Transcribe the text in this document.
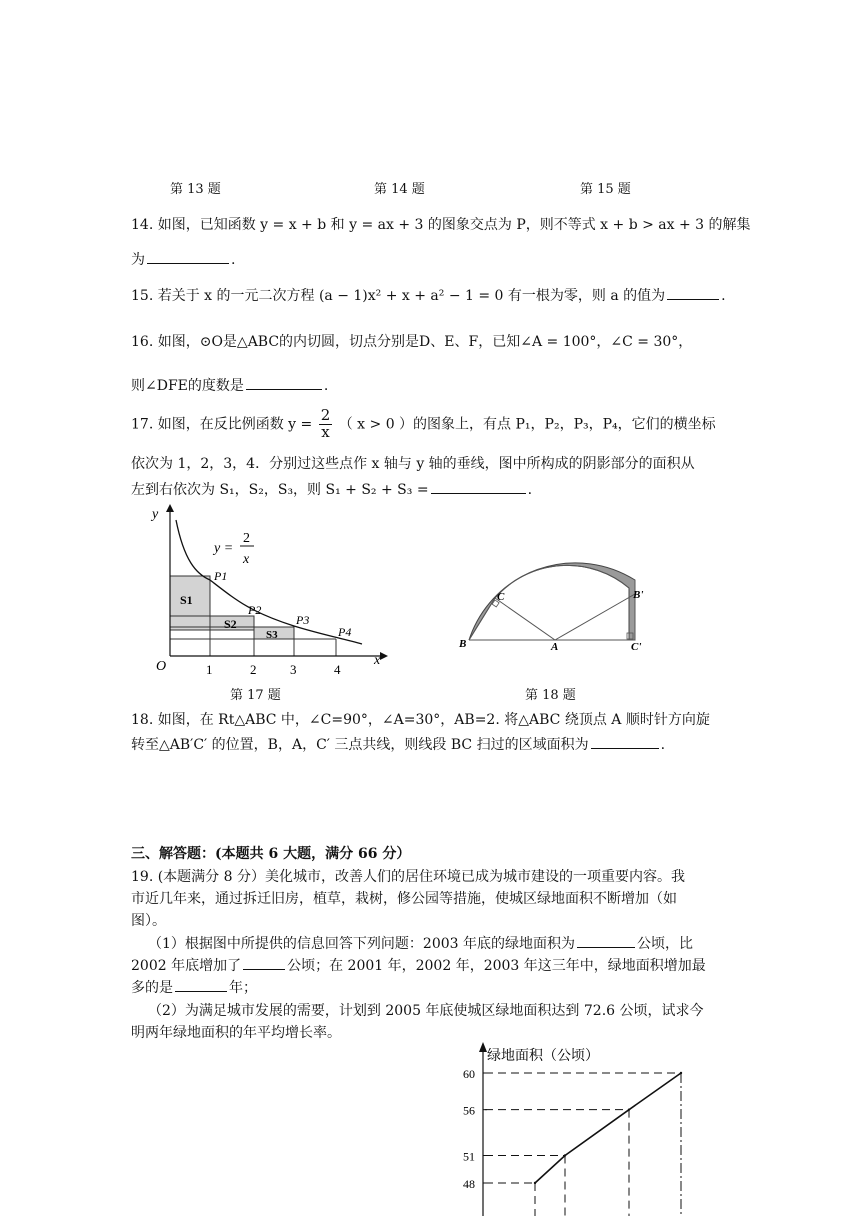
第 13 题	第 14 题	第 15 题
14. 如图，已知函数 y = x + b 和 y = ax + 3 的图象交点为 P，则不等式 x + b > ax + 3 的解集
为	.
15. 若关于 x 的一元二次方程 (a − 1)x² + x + a² − 1 = 0 有一根为零，则 a 的值为	.
16. 如图，⊙O是△ABC的内切圆，切点分别是D、E、F，已知∠A = 100°，∠C = 30°，
则∠DFE的度数是	.
17. 如图，在反比例函数 $y = \frac{2}{x}$ （ x > 0 ）的图象上，有点 P₁，P₂，P₃，P₄，它们的横坐标
依次为 1，2，3，4．分别过这些点作 x 轴与 y 轴的垂线，图中所构成的阴影部分的面积从
左到右依次为 S₁，S₂，S₃，则 S₁ + S₂ + S₃ =	.
y
x
O
y =
2
x
P1
P2
P3
P4
S1
S2
S3
1	2	3	4
第 17 题
B
C
A
B'
C'
第 18 题
18. 如图，在 Rt△ABC 中，∠C=90°，∠A=30°，AB=2. 将△ABC 绕顶点 A 顺时针方向旋
转至△AB′C′ 的位置，B，A，C′ 三点共线，则线段 BC 扫过的区域面积为	.
三、解答题：(本题共 6 大题，满分 66 分）
19. (本题满分 8 分）美化城市，改善人们的居住环境已成为城市建设的一项重要内容。我
市近几年来，通过拆迁旧房，植草，栽树，修公园等措施，使城区绿地面积不断增加（如
图）。
（1）根据图中所提供的信息回答下列问题：2003 年底的绿地面积为	公顷，比
2002 年底增加了	公顷；在 2001 年，2002 年，2003 年这三年中，绿地面积增加最
多的是	年；
（2）为满足城市发展的需要，计划到 2005 年底使城区绿地面积达到 72.6 公顷，试求今
明两年绿地面积的年平均增长率。
绿地面积（公顷）
48
51
56
60
